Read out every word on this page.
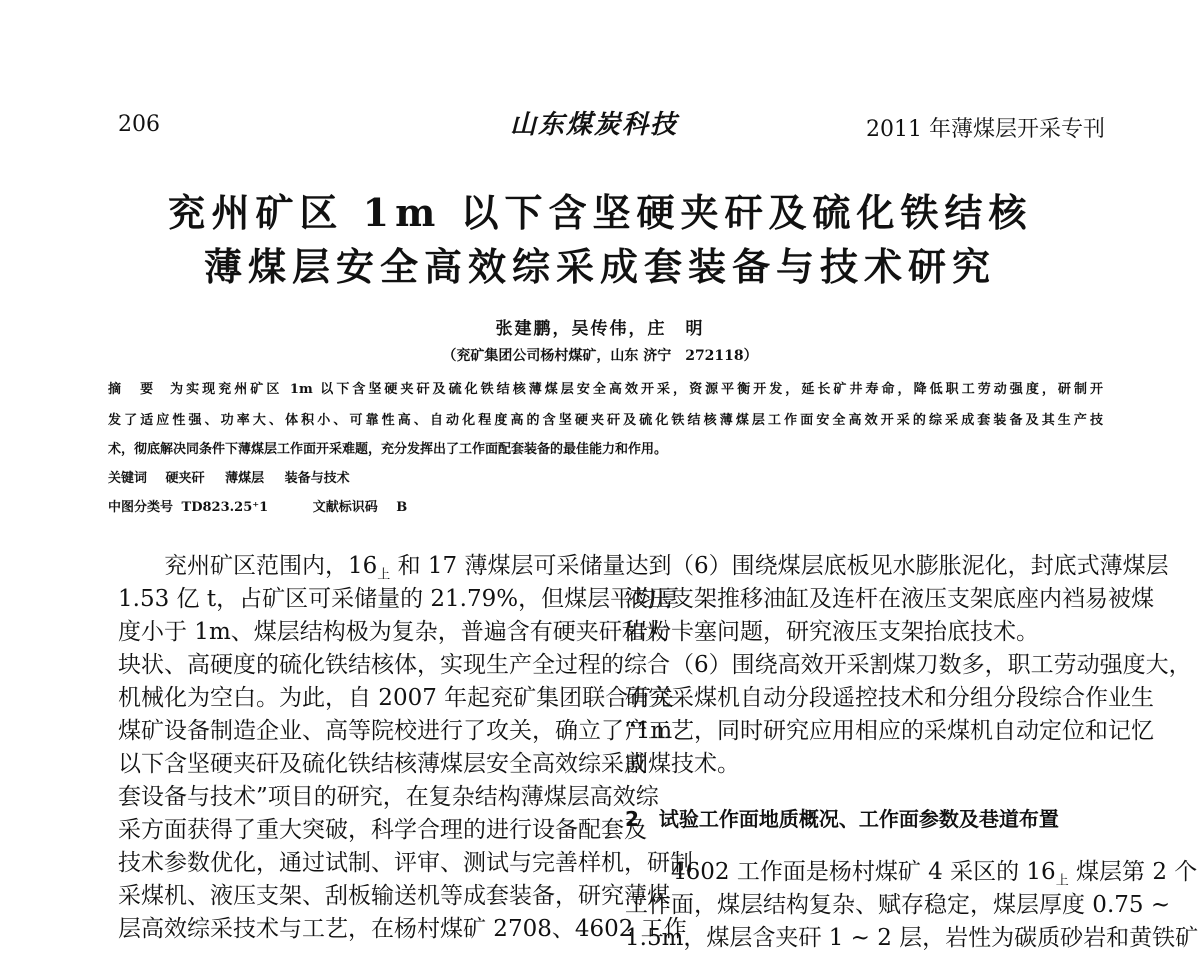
206	山东煤炭科技	2011 年薄煤层开采专刊
兖州矿区 1m 以下含坚硬夹矸及硫化铁结核
薄煤层安全高效综采成套装备与技术研究
张建鹏，吴传伟，庄　明
（兖矿集团公司杨村煤矿，山东 济宁　272118）
摘　要 为实现兖州矿区 1m 以下含坚硬夹矸及硫化铁结核薄煤层安全高效开采，资源平衡开发，延长矿井寿命，降低职工劳动强度，研制开
发了适应性强、功率大、体积小、可靠性高、自动化程度高的含坚硬夹矸及硫化铁结核薄煤层工作面安全高效开采的综采成套装备及其生产技
术，彻底解决同条件下薄煤层工作面开采难题，充分发挥出了工作面配套装备的最佳能力和作用。
关键词 硬夹矸 薄煤层 装备与技术
中图分类号 TD823.25⁺1	文献标识码 B
兖州矿区范围内，$16_上$ 和 17 薄煤层可采储量达到
1.53 亿 t，占矿区可采储量的 21.79%，但煤层平均厚
度小于 1m、煤层结构极为复杂，普遍含有硬夹矸和大
块状、高硬度的硫化铁结核体，实现生产全过程的综合
机械化为空白。为此，自 2007 年起兖矿集团联合有关
煤矿设备制造企业、高等院校进行了攻关，确立了“1m
以下含坚硬夹矸及硫化铁结核薄煤层安全高效综采成
套设备与技术”项目的研究，在复杂结构薄煤层高效综
采方面获得了重大突破，科学合理的进行设备配套及
技术参数优化，通过试制、评审、测试与完善样机，研制
采煤机、液压支架、刮板输送机等成套装备，研究薄煤
层高效综采技术与工艺，在杨村煤矿 2708、4602 工作
（6）围绕煤层底板见水膨胀泥化，封底式薄煤层
液压支架推移油缸及连杆在液压支架底座内裆易被煤
岩粉卡塞问题，研究液压支架抬底技术。
（6）围绕高效开采割煤刀数多，职工劳动强度大，
研究采煤机自动分段遥控技术和分组分段综合作业生
产工艺，同时研究应用相应的采煤机自动定位和记忆
割煤技术。
2　试验工作面地质概况、工作面参数及巷道布置
4602 工作面是杨村煤矿 4 采区的 $16_上$ 煤层第 2 个
工作面，煤层结构复杂、赋存稳定，煤层厚度 0.75 ~
1.5m，煤层含夹矸 1 ~ 2 层，岩性为碳质砂岩和黄铁矿
